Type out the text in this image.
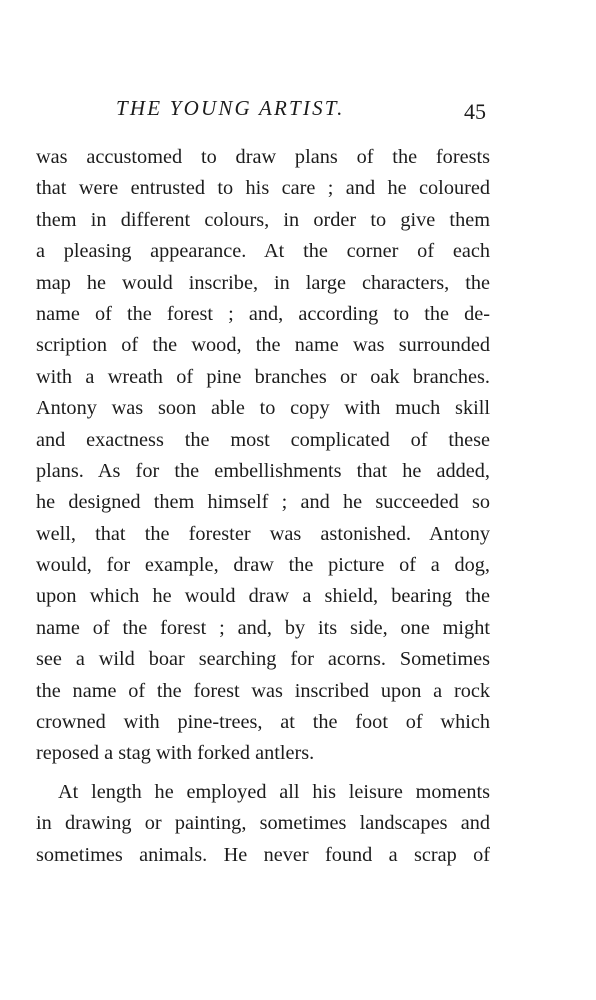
THE YOUNG ARTIST.	45
was accustomed to draw plans of the forests
that were entrusted to his care ; and he coloured
them in different colours, in order to give them
a pleasing appearance. At the corner of each
map he would inscribe, in large characters, the
name of the forest ; and, according to the de-
scription of the wood, the name was surrounded
with a wreath of pine branches or oak branches.
Antony was soon able to copy with much skill
and exactness the most complicated of these
plans. As for the embellishments that he added,
he designed them himself ; and he succeeded so
well, that the forester was astonished. Antony
would, for example, draw the picture of a dog,
upon which he would draw a shield, bearing the
name of the forest ; and, by its side, one might
see a wild boar searching for acorns. Sometimes
the name of the forest was inscribed upon a rock
crowned with pine-trees, at the foot of which
reposed a stag with forked antlers.
At length he employed all his leisure moments
in drawing or painting, sometimes landscapes and
sometimes animals. He never found a scrap of
